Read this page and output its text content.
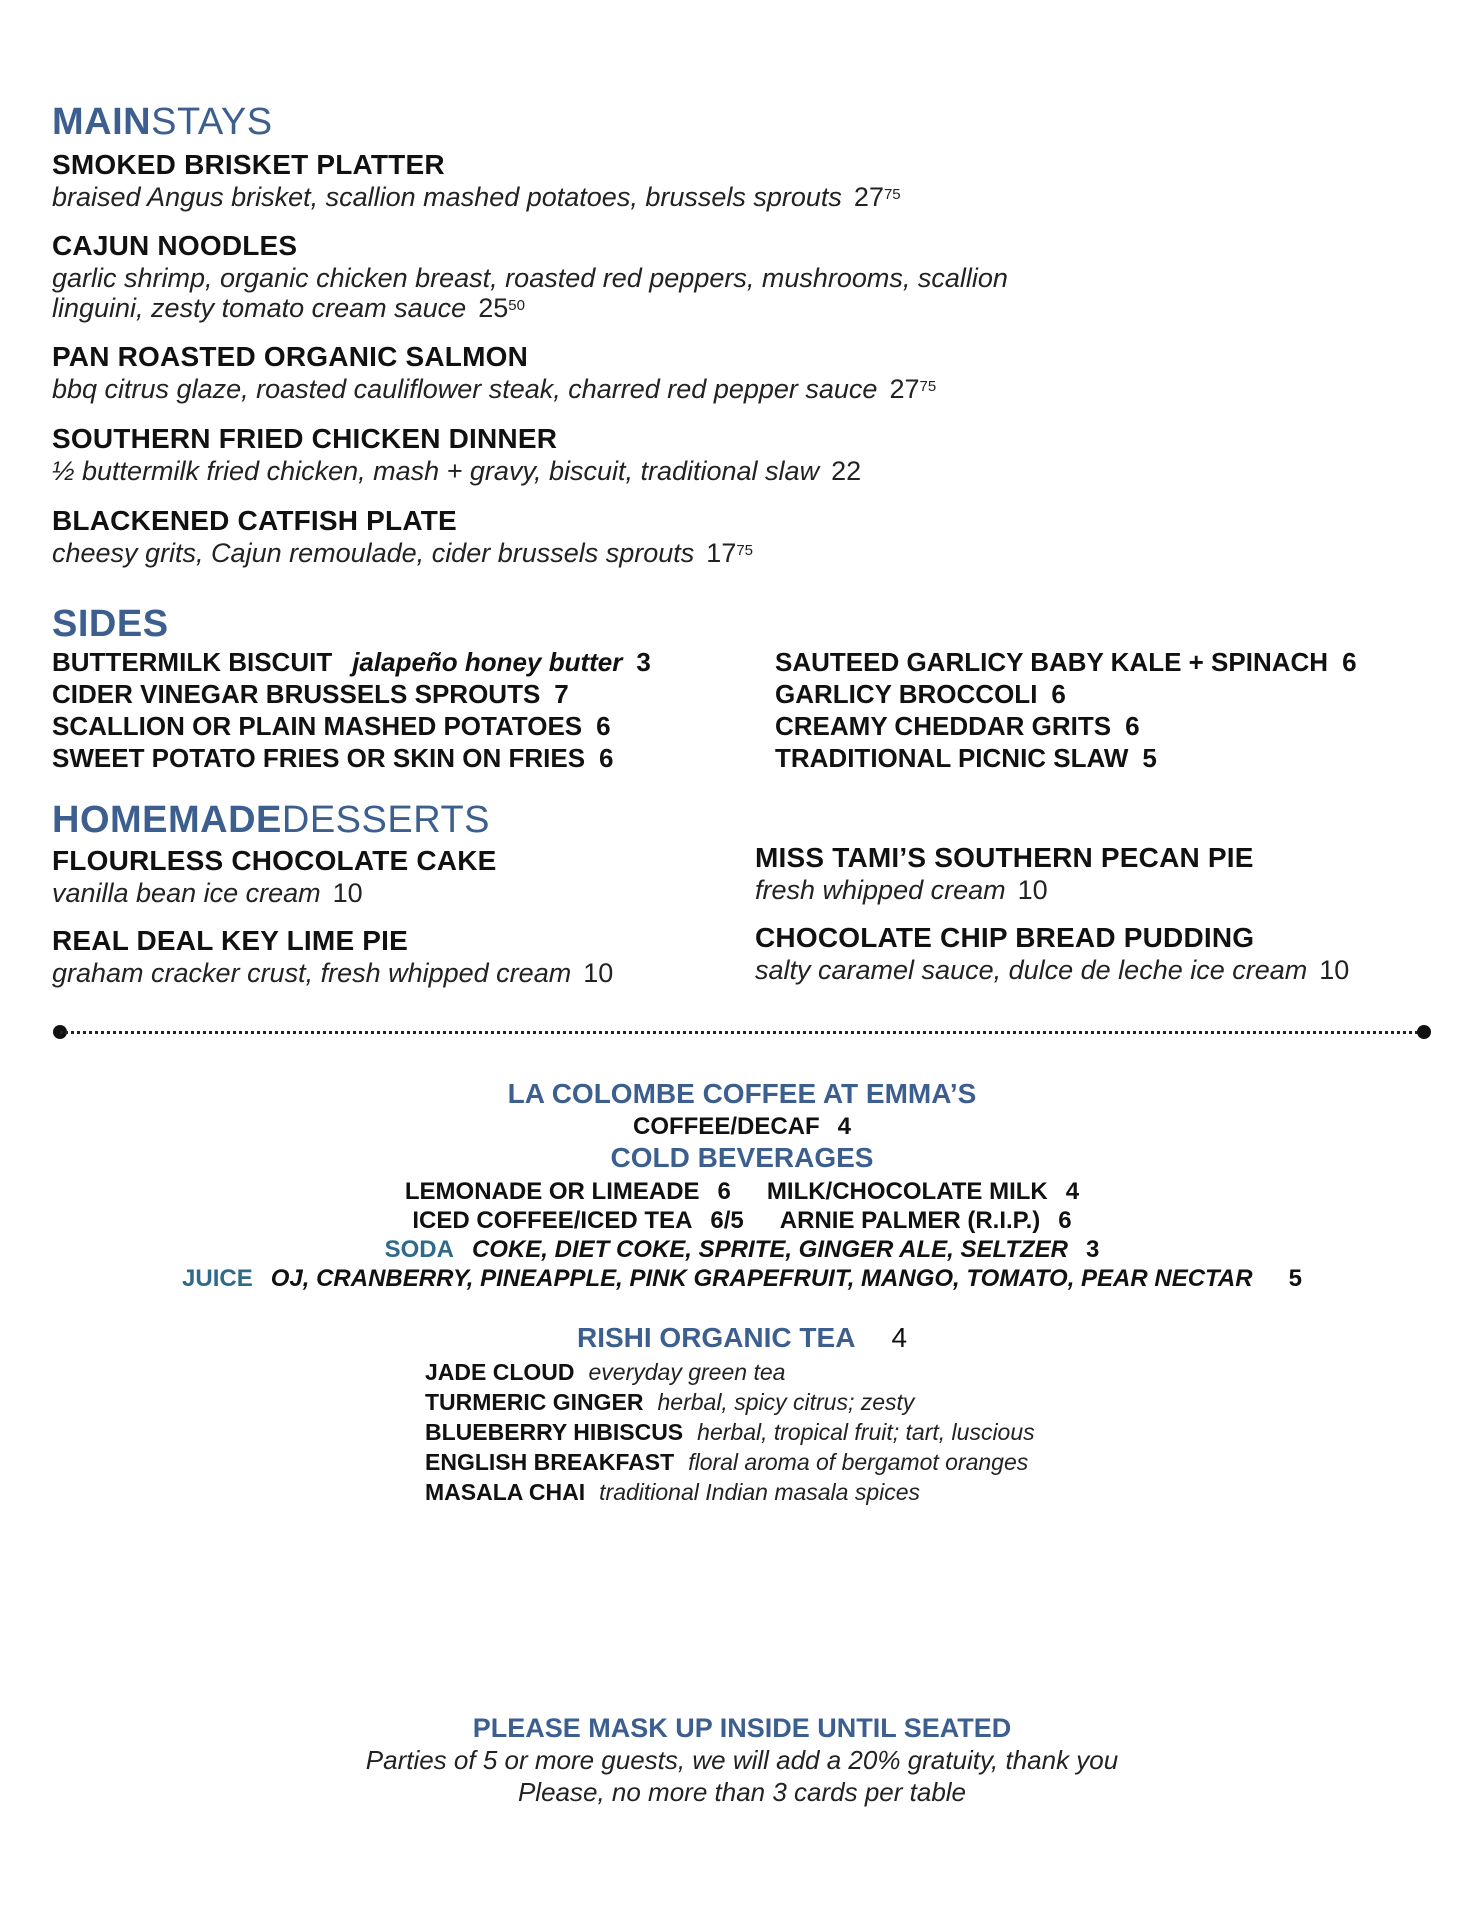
MAINSTAYS
SMOKED BRISKET PLATTER
braised Angus brisket, scallion mashed potatoes, brussels sprouts $27^{75}$
CAJUN NOODLES
garlic shrimp, organic chicken breast, roasted red peppers, mushrooms, scallion
linguini, zesty tomato cream sauce $25^{50}$
PAN ROASTED ORGANIC SALMON
bbq citrus glaze, roasted cauliflower steak, charred red pepper sauce $27^{75}$
SOUTHERN FRIED CHICKEN DINNER
½ buttermilk fried chicken, mash + gravy, biscuit, traditional slaw 22
BLACKENED CATFISH PLATE
cheesy grits, Cajun remoulade, cider brussels sprouts $17^{75}$
SIDES
BUTTERMILK BISCUIT jalapeño honey butter 3
CIDER VINEGAR BRUSSELS SPROUTS 7
SCALLION OR PLAIN MASHED POTATOES 6
SWEET POTATO FRIES OR SKIN ON FRIES 6
SAUTEED GARLICY BABY KALE + SPINACH 6
GARLICY BROCCOLI 6
CREAMY CHEDDAR GRITS 6
TRADITIONAL PICNIC SLAW 5
HOMEMADEDESSERTS
FLOURLESS CHOCOLATE CAKE
vanilla bean ice cream 10
REAL DEAL KEY LIME PIE
graham cracker crust, fresh whipped cream 10
MISS TAMI’S SOUTHERN PECAN PIE
fresh whipped cream 10
CHOCOLATE CHIP BREAD PUDDING
salty caramel sauce, dulce de leche ice cream 10
LA COLOMBE COFFEE AT EMMA’S
COFFEE/DECAF 4
COLD BEVERAGES
LEMONADE OR LIMEADE 6 MILK/CHOCOLATE MILK 4
ICED COFFEE/ICED TEA 6/5 ARNIE PALMER (R.I.P.) 6
SODA COKE, DIET COKE, SPRITE, GINGER ALE, SELTZER 3
JUICE OJ, CRANBERRY, PINEAPPLE, PINK GRAPEFRUIT, MANGO, TOMATO, PEAR NECTAR 5
RISHI ORGANIC TEA 4
JADE CLOUD everyday green tea
TURMERIC GINGER herbal, spicy citrus; zesty
BLUEBERRY HIBISCUS herbal, tropical fruit; tart, luscious
ENGLISH BREAKFAST floral aroma of bergamot oranges
MASALA CHAI traditional Indian masala spices
PLEASE MASK UP INSIDE UNTIL SEATED
Parties of 5 or more guests, we will add a 20% gratuity, thank you
Please, no more than 3 cards per table
